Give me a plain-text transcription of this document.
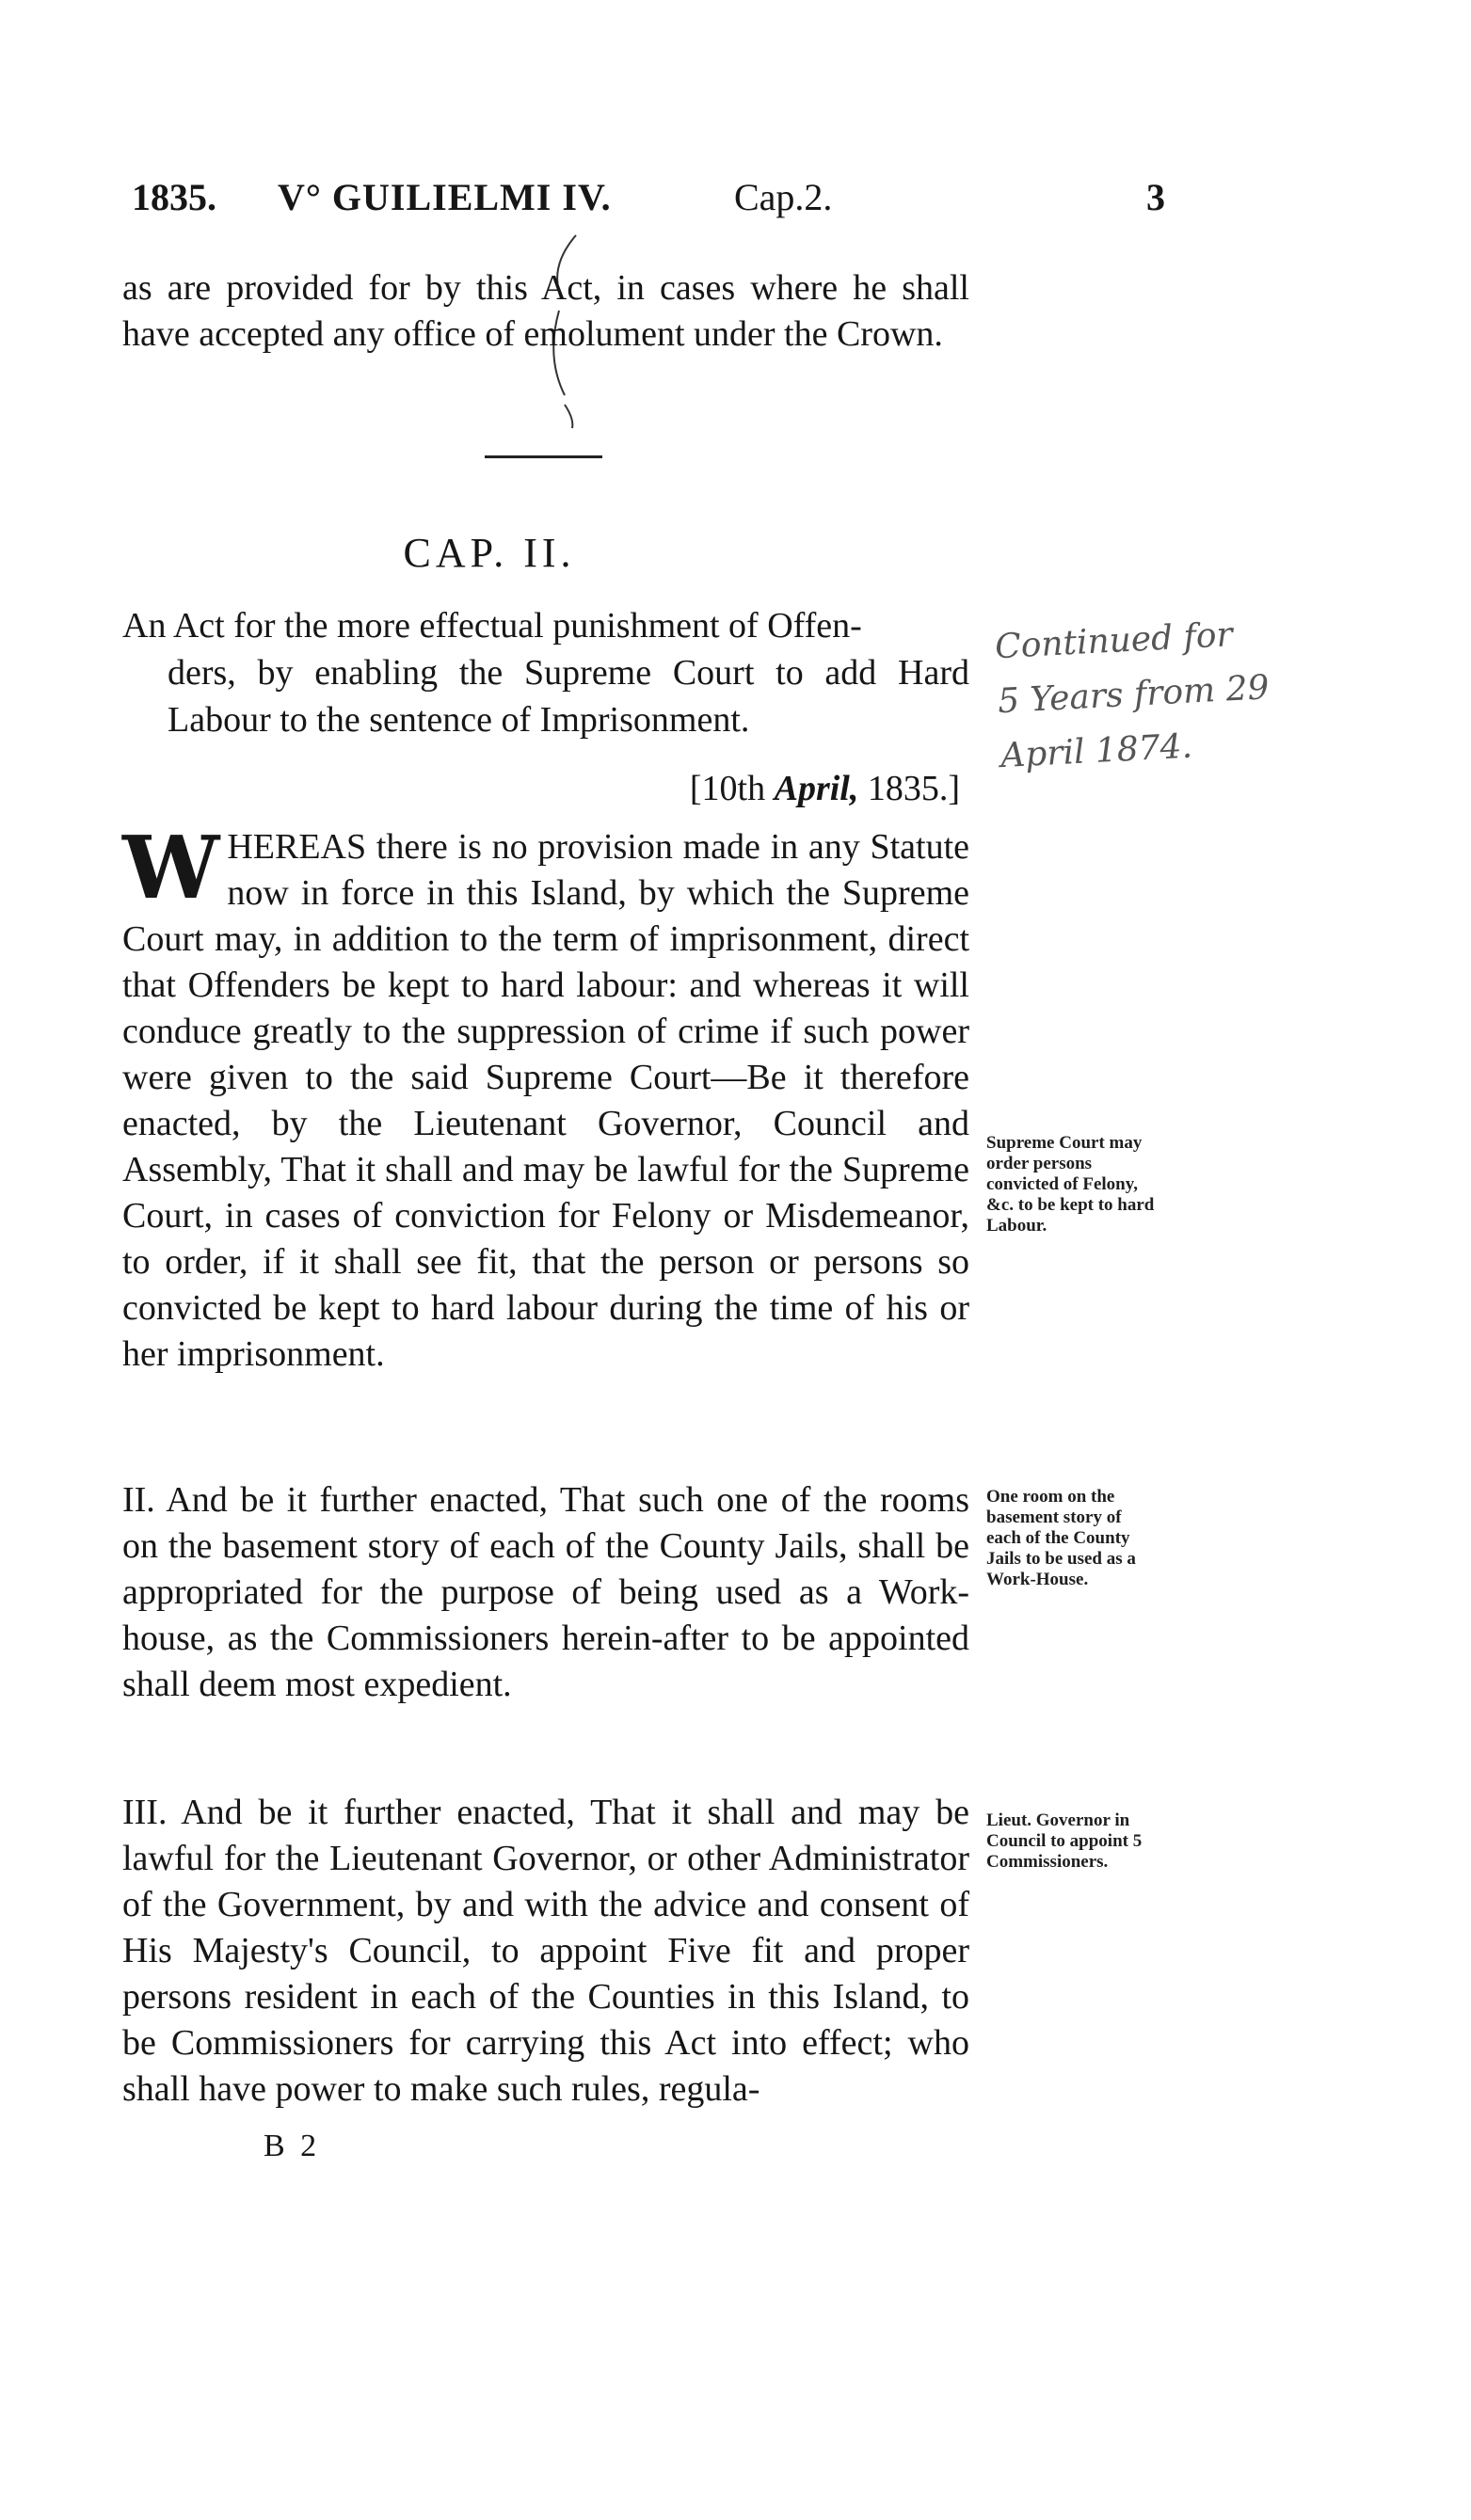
1835. V° GUILIELMI IV.	Cap.2.	3
as are provided for by this Act, in cases where he shall have accepted any office of emolument under the Crown.
CAP. II.
An Act for the more effectual punishment of Offen-
ders, by enabling the Supreme Court to add Hard Labour to the sentence of Imprisonment.
[10th April, 1835.]
Continued for
5 Years from 29
April 1874.
WHEREAS there is no provision made in any Statute now in force in this Island, by which the Supreme Court may, in addition to the term of imprisonment, direct that Offenders be kept to hard labour: and whereas it will conduce greatly to the suppression of crime if such power were given to the said Supreme Court—Be it therefore enacted, by the Lieutenant Governor, Council and Assembly, That it shall and may be lawful for the Supreme Court, in cases of conviction for Felony or Misdemeanor, to order, if it shall see fit, that the person or persons so convicted be kept to hard labour during the time of his or her imprisonment.
II. And be it further enacted, That such one of the rooms on the basement story of each of the County Jails, shall be appropriated for the purpose of being used as a Work-house, as the Commissioners herein-after to be appointed shall deem most expedient.
III. And be it further enacted, That it shall and may be lawful for the Lieutenant Governor, or other Administrator of the Government, by and with the advice and consent of His Majesty's Council, to appoint Five fit and proper persons resident in each of the Counties in this Island, to be Commissioners for carrying this Act into effect; who shall have power to make such rules, regula-
Supreme Court may order persons convicted of Felony, &c. to be kept to hard Labour.
One room on the basement story of each of the County Jails to be used as a Work-House.
Lieut. Governor in Council to appoint 5 Commissioners.
B 2
